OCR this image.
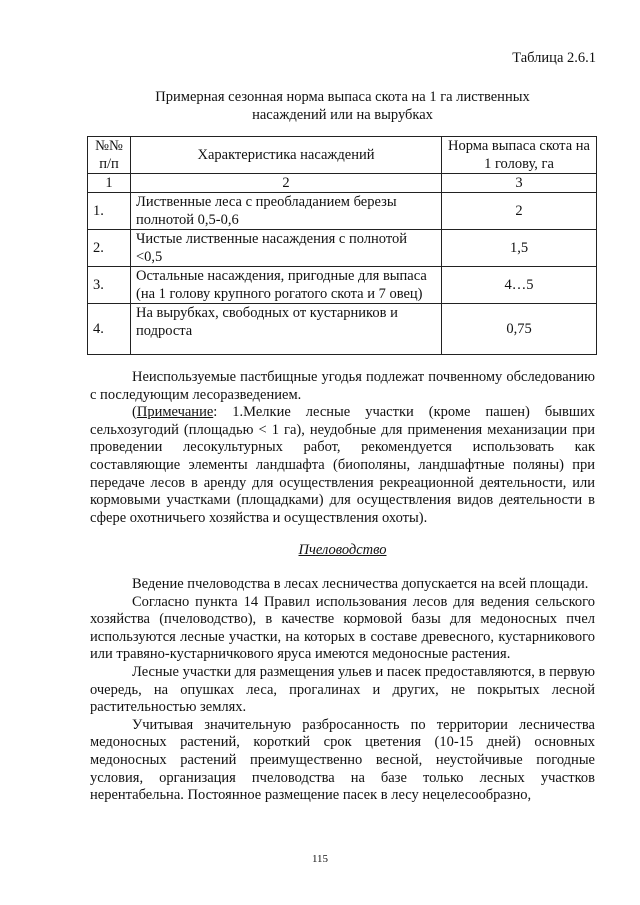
Таблица 2.6.1
Примерная сезонная норма выпаса скота на 1 га лиственных
насаждений или на вырубках
№№ п/п	Характеристика насаждений	Норма выпаса скота на 1 голову, га
1	2	3
1.	Лиственные леса с преобладанием березы полнотой 0,5-0,6	2
2.	Чистые лиственные насаждения с полнотой <0,5	1,5
3.	Остальные насаждения, пригодные для выпаса (на 1 голову крупного рогатого скота и 7 овец)	4…5
4.	На вырубках, свободных от кустарников и подроста	0,75

Неиспользуемые пастбищные угодья подлежат почвенному обследованию с последующим лесоразведением.

(Примечание: 1.Мелкие лесные участки (кроме пашен) бывших сельхозугодий (площадью < 1 га), неудобные для применения механизации при проведении лесокультурных работ, рекомендуется использовать как составляющие элементы ландшафта (биополяны, ландшафтные поляны) при передаче лесов в аренду для осуществления рекреационной деятельности, или кормовыми участками (площадками) для осуществления видов деятельности в сфере охотничьего хозяйства и осуществления охоты).

Пчеловодство

Ведение пчеловодства в лесах лесничества допускается на всей площади.

Согласно пункта 14 Правил использования лесов для ведения сельского хозяйства (пчеловодство), в качестве кормовой базы для медоносных пчел используются лесные участки, на которых в составе древесного, кустарникового или травяно-кустарничкового яруса имеются медоносные растения.

Лесные участки для размещения ульев и пасек предоставляются, в первую очередь, на опушках леса, прогалинах и других, не покрытых лесной растительностью землях.

Учитывая значительную разбросанность по территории лесничества медоносных растений, короткий срок цветения (10-15 дней) основных медоносных растений преимущественно весной, неустойчивые погодные условия, организация пчеловодства на базе только лесных участков нерентабельна. Постоянное размещение пасек в лесу нецелесообразно,

115
